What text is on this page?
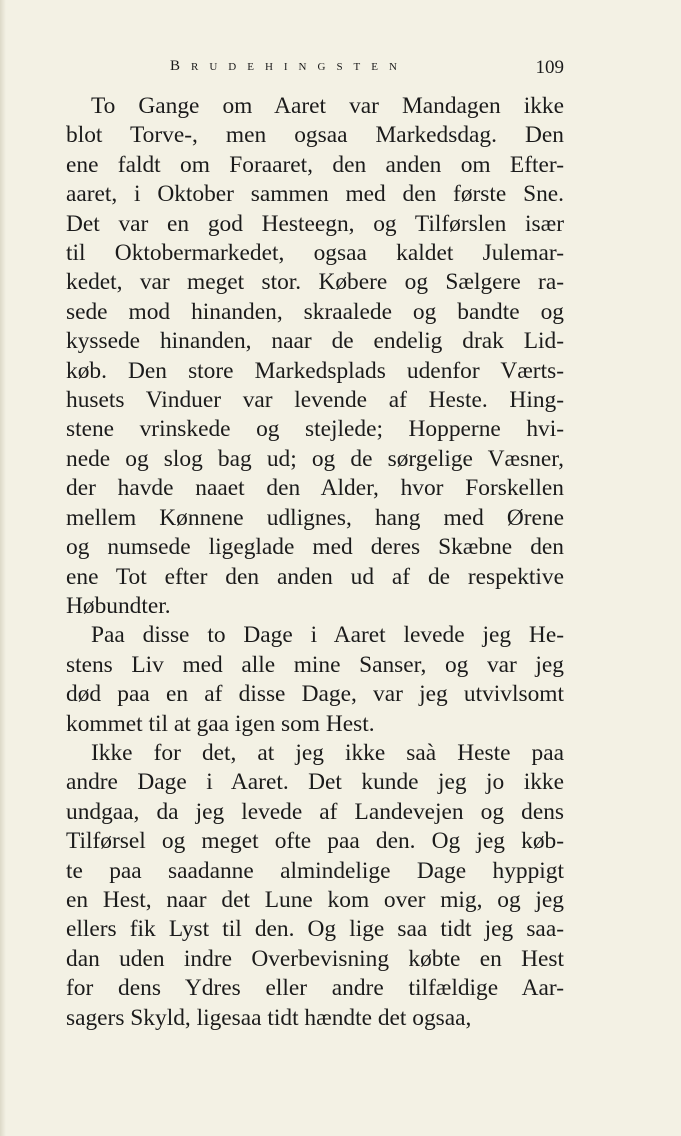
Brudehingsten	109

To Gange om Aaret var Mandagen ikke
blot Torve-, men ogsaa Markedsdag. Den
ene faldt om Foraaret, den anden om Efter-
aaret, i Oktober sammen med den første Sne.
Det var en god Hesteegn, og Tilførslen især
til Oktobermarkedet, ogsaa kaldet Julemar-
kedet, var meget stor. Købere og Sælgere ra-
sede mod hinanden, skraalede og bandte og
kyssede hinanden, naar de endelig drak Lid-
køb. Den store Markedsplads udenfor Værts-
husets Vinduer var levende af Heste. Hing-
stene vrinskede og stejlede; Hopperne hvi-
nede og slog bag ud; og de sørgelige Væsner,
der havde naaet den Alder, hvor Forskellen
mellem Kønnene udlignes, hang med Ørene
og numsede ligeglade med deres Skæbne den
ene Tot efter den anden ud af de respektive
Høbundter.

Paa disse to Dage i Aaret levede jeg He-
stens Liv med alle mine Sanser, og var jeg
død paa en af disse Dage, var jeg utvivlsomt
kommet til at gaa igen som Hest.

Ikke for det, at jeg ikke saà Heste paa
andre Dage i Aaret. Det kunde jeg jo ikke
undgaa, da jeg levede af Landevejen og dens
Tilførsel og meget ofte paa den. Og jeg køb-
te paa saadanne almindelige Dage hyppigt
en Hest, naar det Lune kom over mig, og jeg
ellers fik Lyst til den. Og lige saa tidt jeg saa-
dan uden indre Overbevisning købte en Hest
for dens Ydres eller andre tilfældige Aar-
sagers Skyld, ligesaa tidt hændte det ogsaa,
